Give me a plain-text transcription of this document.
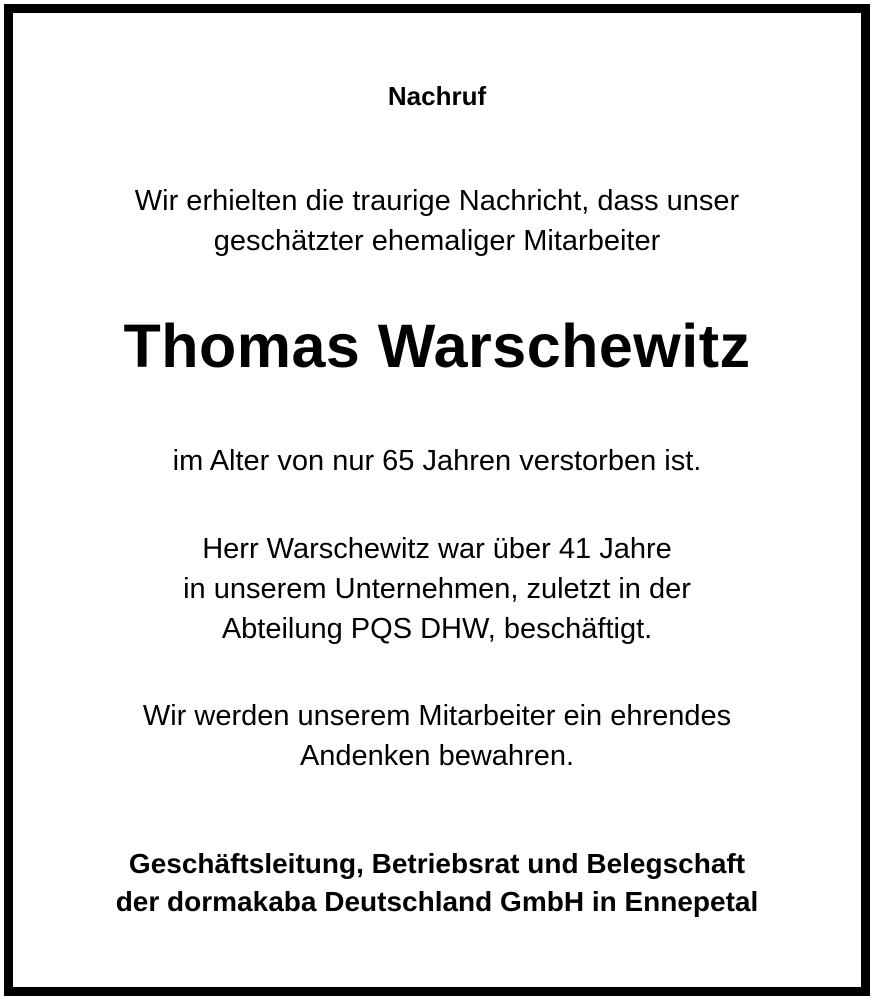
Nachruf
Wir erhielten die traurige Nachricht, dass unser
geschätzter ehemaliger Mitarbeiter
Thomas Warschewitz
im Alter von nur 65 Jahren verstorben ist.
Herr Warschewitz war über 41 Jahre
in unserem Unternehmen, zuletzt in der
Abteilung PQS DHW, beschäftigt.
Wir werden unserem Mitarbeiter ein ehrendes
Andenken bewahren.
Geschäftsleitung, Betriebsrat und Belegschaft
der dormakaba Deutschland GmbH in Ennepetal
